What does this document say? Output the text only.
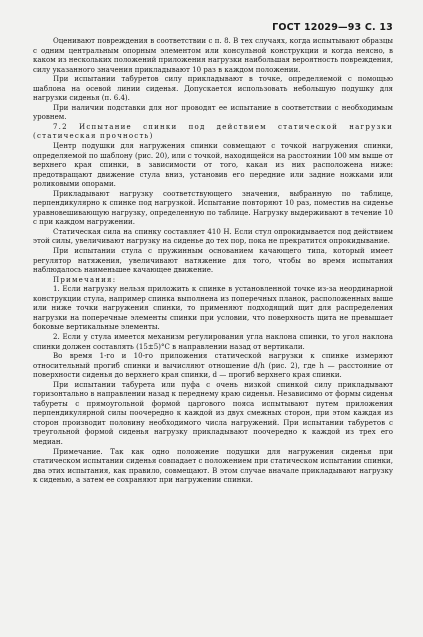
ГОСТ 12029—93 С. 13

Оценивают повреждения в соответствии с п. 8. В тех случаях, когда испытывают образцы с одним центральным опорным элементом или консульной конструкции и когда неясно, в каком из нескольких положений приложения нагрузки наибольшая вероятность повреждения, силу указанного значения прикладывают 10 раз в каждом положении.

При испытании табуретов силу прикладывают в точке, определяемой с помощью шаблона на осевой линии сиденья. Допускается использовать небольшую подушку для нагрузки сиденья (п. 6.4).

При наличии подставки для ног проводят ее испытание в соответствии с необходимым уровнем.

7.2 Испытание спинки под действием статической нагрузки (статическая прочность)

Центр подушки для нагружения спинки совмещают с точкой нагружения спинки, определяемой по шаблону (рис. 20), или с точкой, находящейся на расстоянии 100 мм выше от верхнего края спинки, в зависимости от того, какая из них расположена ниже: предотвращают движение стула вниз, установив его передние или задние ножками или роликовыми опорами.

Прикладывают нагрузку соответствующего значения, выбранную по таблице, перпендикулярно к спинке под нагрузкой. Испытание повторяют 10 раз, поместив на сиденье уравновешивающую нагрузку, определенную по таблице. Нагрузку выдерживают в течение 10 с при каждом нагружении.

Статическая сила на спинку составляет 410 Н. Если стул опрокидывается под действием этой силы, увеличивают нагрузку на сиденье до тех пор, пока не прекратится опрокидывание.

При испытании стула с пружинным основанием качающего типа, который имеет регулятор натяжения, увеличивают натяжение для того, чтобы во время испытания наблюдалось наименьшее качающее движение.

Примечания:

1. Если нагрузку нельзя приложить к спинке в установленной точке из-за неординарной конструкции стула, например спинка выполнена из поперечных планок, расположенных выше или ниже точки нагружения спинки, то применяют подходящий щит для распределения нагрузки на поперечные элементы спинки при условии, что поверхность щита не превышает боковые вертикальные элементы.

2. Если у стула имеется механизм регулирования угла наклона спинки, то угол наклона спинки должен составлять (15±5)°С в направлении назад от вертикали.

Во время 1-го и 10-го приложения статической нагрузки к спинке измеряют относительный прогиб спинки и вычисляют отношение d/h (рис. 2), где h — расстояние от поверхности сиденья до верхнего края спинки, d — прогиб верхнего края спинки.

При испытании табурета или пуфа с очень низкой спинкой силу прикладывают горизонтально в направлении назад к переднему краю сиденья. Независимо от формы сиденья табуреты с прямоугольной формой царгового пояса испытывают путем приложения перпендикулярной силы поочередно к каждой из двух смежных сторон, при этом каждая из сторон производит половину необходимого числа нагружений. При испытании табуретов с треугольной формой сиденья нагрузку прикладывают поочередно к каждой из трех его медиан.

Примечание. Так как одно положение подушки для нагружения сиденья при статическом испытании сиденья совпадает с положением при статическом испытании спинки, два этих испытания, как правило, совмещают. В этом случае вначале прикладывают нагрузку к сиденью, а затем ее сохраняют при нагружении спинки.
